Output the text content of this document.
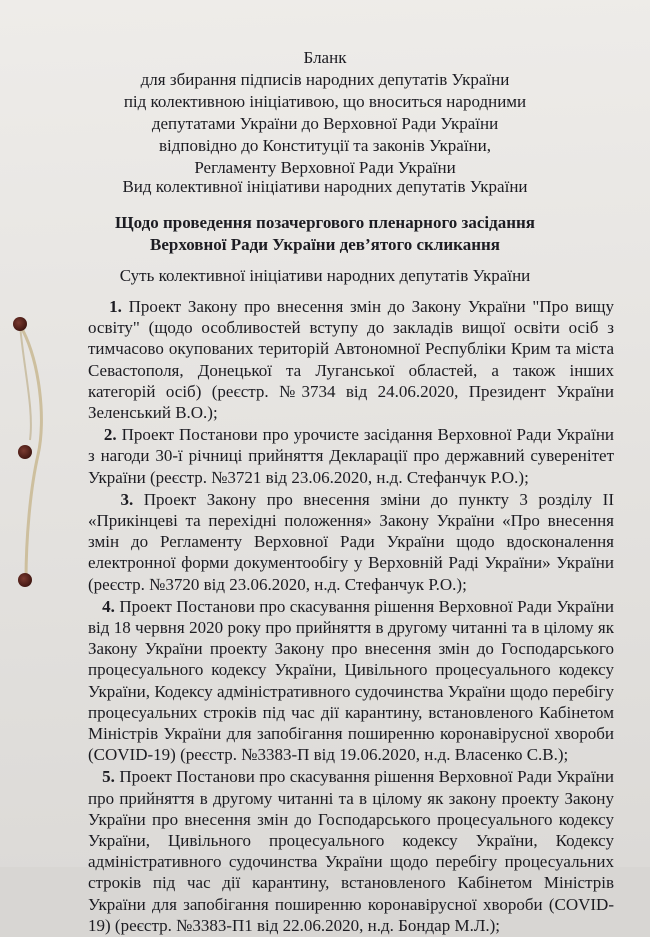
Бланк
для збирання підписів народних депутатів України
під колективною ініціативою, що вноситься народними
депутатами України до Верховної Ради України
відповідно до Конституції та законів України,
Регламенту Верховної Ради України
Вид колективної ініціативи народних депутатів України
Щодо проведення позачергового пленарного засідання
Верховної Ради України дев’ятого скликання
Суть колективної ініціативи народних депутатів України

1. Проект Закону про внесення змін до Закону України "Про вищу освіту" (щодо особливостей вступу до закладів вищої освіти осіб з тимчасово окупованих територій Автономної Республіки Крим та міста Севастополя, Донецької та Луганської областей, а також інших категорій осіб) (реєстр. №3734 від 24.06.2020, Президент України Зеленський В.О.);

2. Проект Постанови про урочисте засідання Верховної Ради України з нагоди 30-ї річниці прийняття Декларації про державний суверенітет України (реєстр. №3721 від 23.06.2020, н.д. Стефанчук Р.О.);

3. Проект Закону про внесення зміни до пункту 3 розділу ІІ «Прикінцеві та перехідні положення» Закону України «Про внесення змін до Регламенту Верховної Ради України щодо вдосконалення електронної форми документообігу у Верховній Раді України» України (реєстр. №3720 від 23.06.2020, н.д. Стефанчук Р.О.);

4. Проект Постанови про скасування рішення Верховної Ради України від 18 червня 2020 року про прийняття в другому читанні та в цілому як Закону України проекту Закону про внесення змін до Господарського процесуального кодексу України, Цивільного процесуального кодексу України, Кодексу адміністративного судочинства України щодо перебігу процесуальних строків під час дії карантину, встановленого Кабінетом Міністрів України для запобігання поширенню коронавірусної хвороби (COVID-19) (реєстр. №3383-П від 19.06.2020, н.д. Власенко С.В.);

5. Проект Постанови про скасування рішення Верховної Ради України про прийняття в другому читанні та в цілому як закону проекту Закону України про внесення змін до Господарського процесуального кодексу України, Цивільного процесуального кодексу України, Кодексу адміністративного судочинства України щодо перебігу процесуальних строків під час дії карантину, встановленого Кабінетом Міністрів України для запобігання поширенню коронавірусної хвороби (COVID-19) (реєстр. №3383-П1 від 22.06.2020, н.д. Бондар М.Л.);
